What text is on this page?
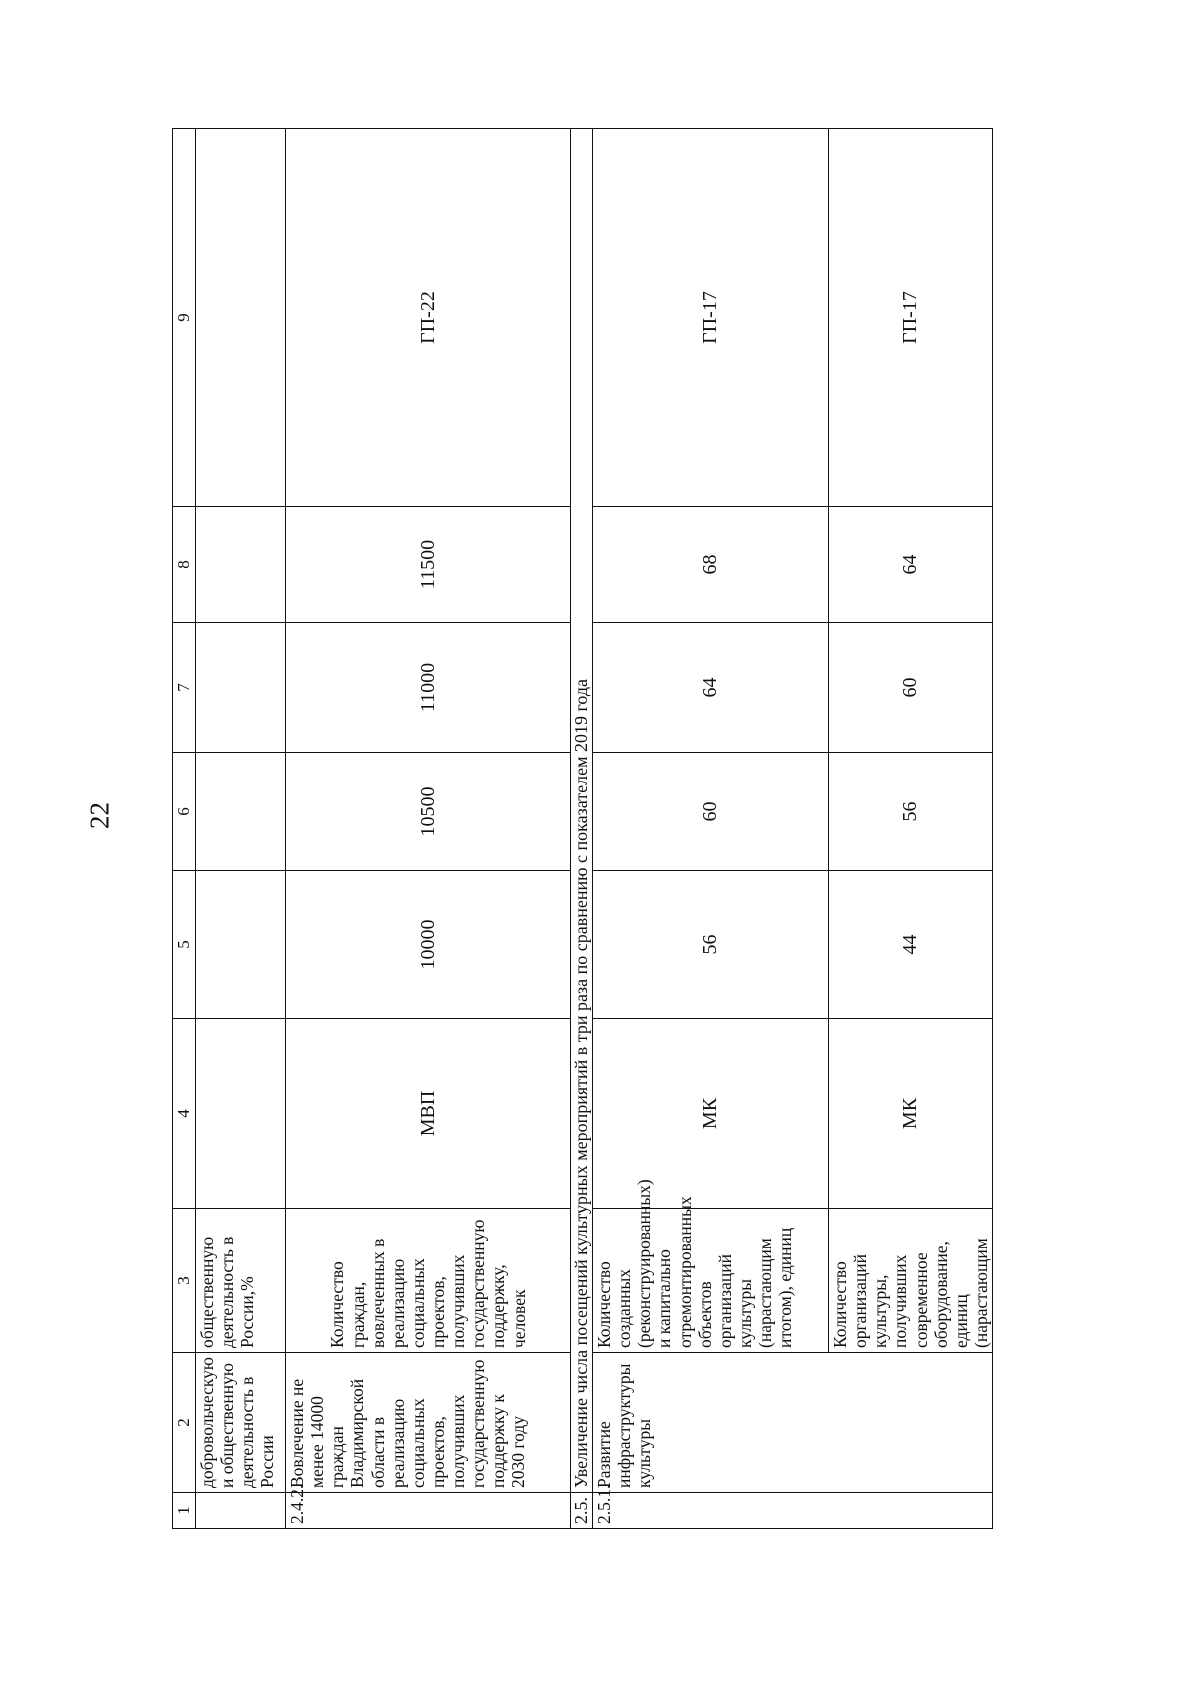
22
1	2	3	4	5	6	7	8	9
	добровольческую и общественную деятельность в России	общественную деятельность в России,%						
2.4.2.	Вовлечение не менее 14000 граждан Владимирской области в реализацию социальных проектов, получивших государственную поддержку к 2030 году	Количество граждан, вовлеченных в реализацию социальных проектов, получивших государственную поддержку, человек	МВП	10000	10500	11000	11500	ГП-22
2.5.	Увеличение числа посещений культурных мероприятий в три раза по сравнению с показателем 2019 года							
2.5.1.	Развитие инфраструктуры культуры	Количество созданных (реконструированных) и капитально отремонтированных объектов организаций культуры (нарастающим итогом), единиц	МК	56	60	64	68	ГП-17
		Количество организаций культуры, получивших современное оборудование, единиц (нарастающим	МК	44	56	60	64	ГП-17
